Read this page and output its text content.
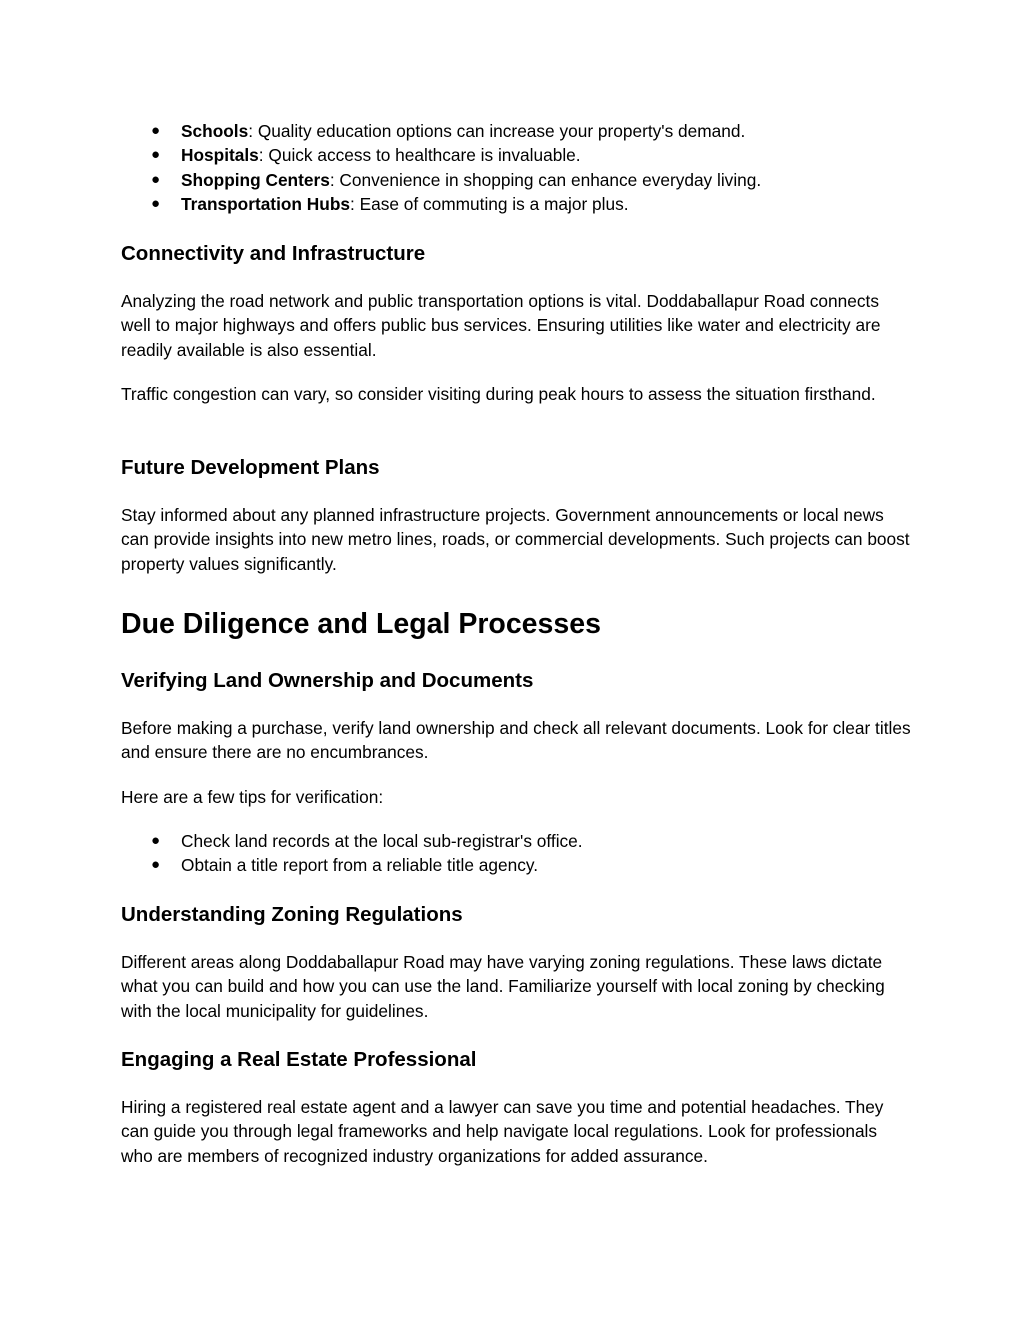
● Schools: Quality education options can increase your property's demand.
● Hospitals: Quick access to healthcare is invaluable.
● Shopping Centers: Convenience in shopping can enhance everyday living.
● Transportation Hubs: Ease of commuting is a major plus.
Connectivity and Infrastructure

Analyzing the road network and public transportation options is vital. Doddaballapur Road connects well to major highways and offers public bus services. Ensuring utilities like water and electricity are readily available is also essential.

Traffic congestion can vary, so consider visiting during peak hours to assess the situation firsthand.

Future Development Plans

Stay informed about any planned infrastructure projects. Government announcements or local news can provide insights into new metro lines, roads, or commercial developments. Such projects can boost property values significantly.

Due Diligence and Legal Processes
Verifying Land Ownership and Documents

Before making a purchase, verify land ownership and check all relevant documents. Look for clear titles and ensure there are no encumbrances.

Here are a few tips for verification:

● Check land records at the local sub-registrar's office.
● Obtain a title report from a reliable title agency.
Understanding Zoning Regulations

Different areas along Doddaballapur Road may have varying zoning regulations. These laws dictate what you can build and how you can use the land. Familiarize yourself with local zoning by checking with the local municipality for guidelines.

Engaging a Real Estate Professional

Hiring a registered real estate agent and a lawyer can save you time and potential headaches. They can guide you through legal frameworks and help navigate local regulations. Look for professionals who are members of recognized industry organizations for added assurance.
